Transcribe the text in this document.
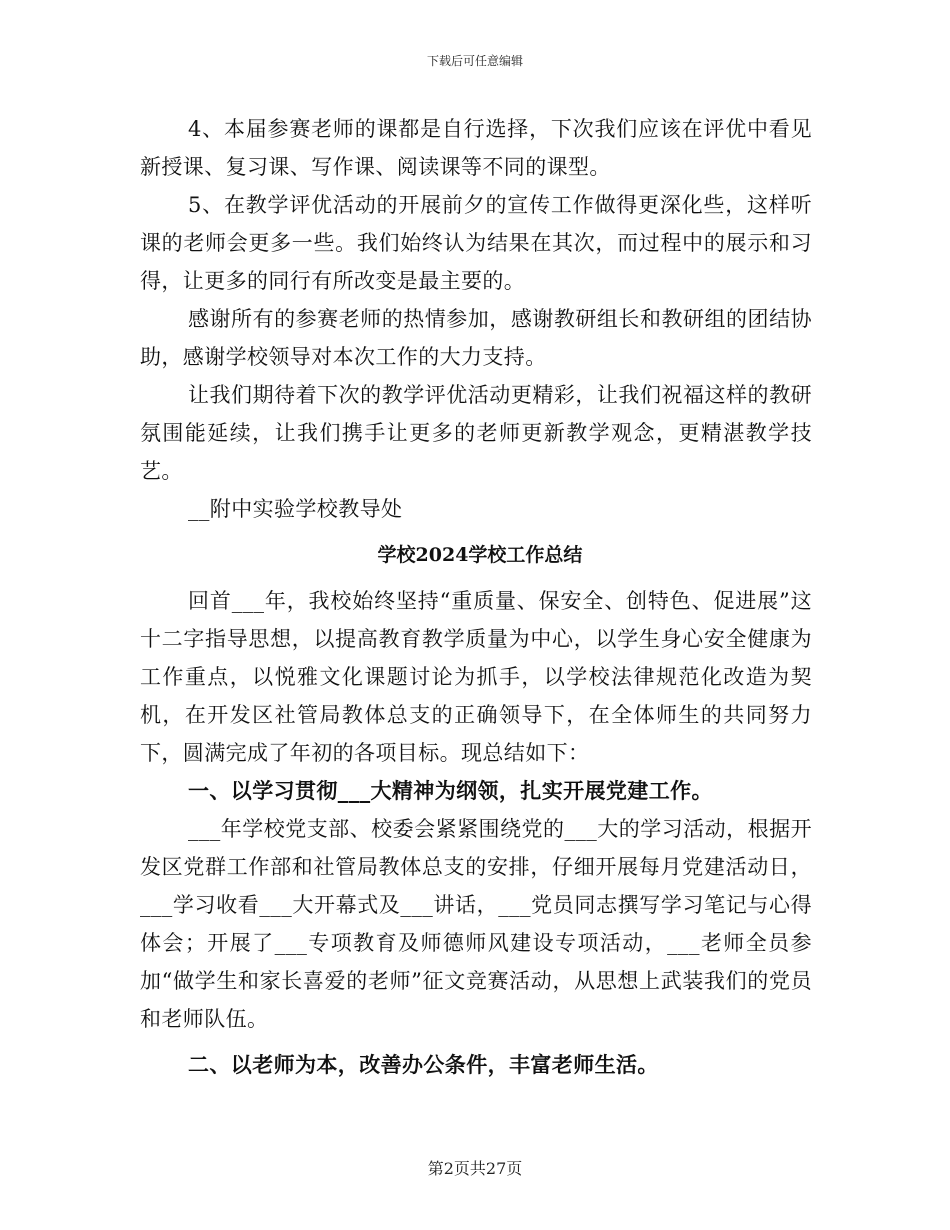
下载后可任意编辑

4、本届参赛老师的课都是自行选择，下次我们应该在评优中看见新授课、复习课、写作课、阅读课等不同的课型。

5、在教学评优活动的开展前夕的宣传工作做得更深化些，这样听课的老师会更多一些。我们始终认为结果在其次，而过程中的展示和习得，让更多的同行有所改变是最主要的。

感谢所有的参赛老师的热情参加，感谢教研组长和教研组的团结协助，感谢学校领导对本次工作的大力支持。

让我们期待着下次的教学评优活动更精彩，让我们祝福这样的教研氛围能延续，让我们携手让更多的老师更新教学观念，更精湛教学技艺。

__附中实验学校教导处

学校2024学校工作总结

回首___年，我校始终坚持“重质量、保安全、创特色、促进展”这十二字指导思想，以提高教育教学质量为中心，以学生身心安全健康为工作重点，以悦雅文化课题讨论为抓手，以学校法律规范化改造为契机，在开发区社管局教体总支的正确领导下，在全体师生的共同努力下，圆满完成了年初的各项目标。现总结如下：

一、以学习贯彻___大精神为纲领，扎实开展党建工作。

___年学校党支部、校委会紧紧围绕党的___大的学习活动，根据开发区党群工作部和社管局教体总支的安排，仔细开展每月党建活动日，___学习收看___大开幕式及___讲话，___党员同志撰写学习笔记与心得体会；开展了___专项教育及师德师风建设专项活动，___老师全员参加“做学生和家长喜爱的老师”征文竞赛活动，从思想上武装我们的党员和老师队伍。

二、以老师为本，改善办公条件，丰富老师生活。

第2页共27页
